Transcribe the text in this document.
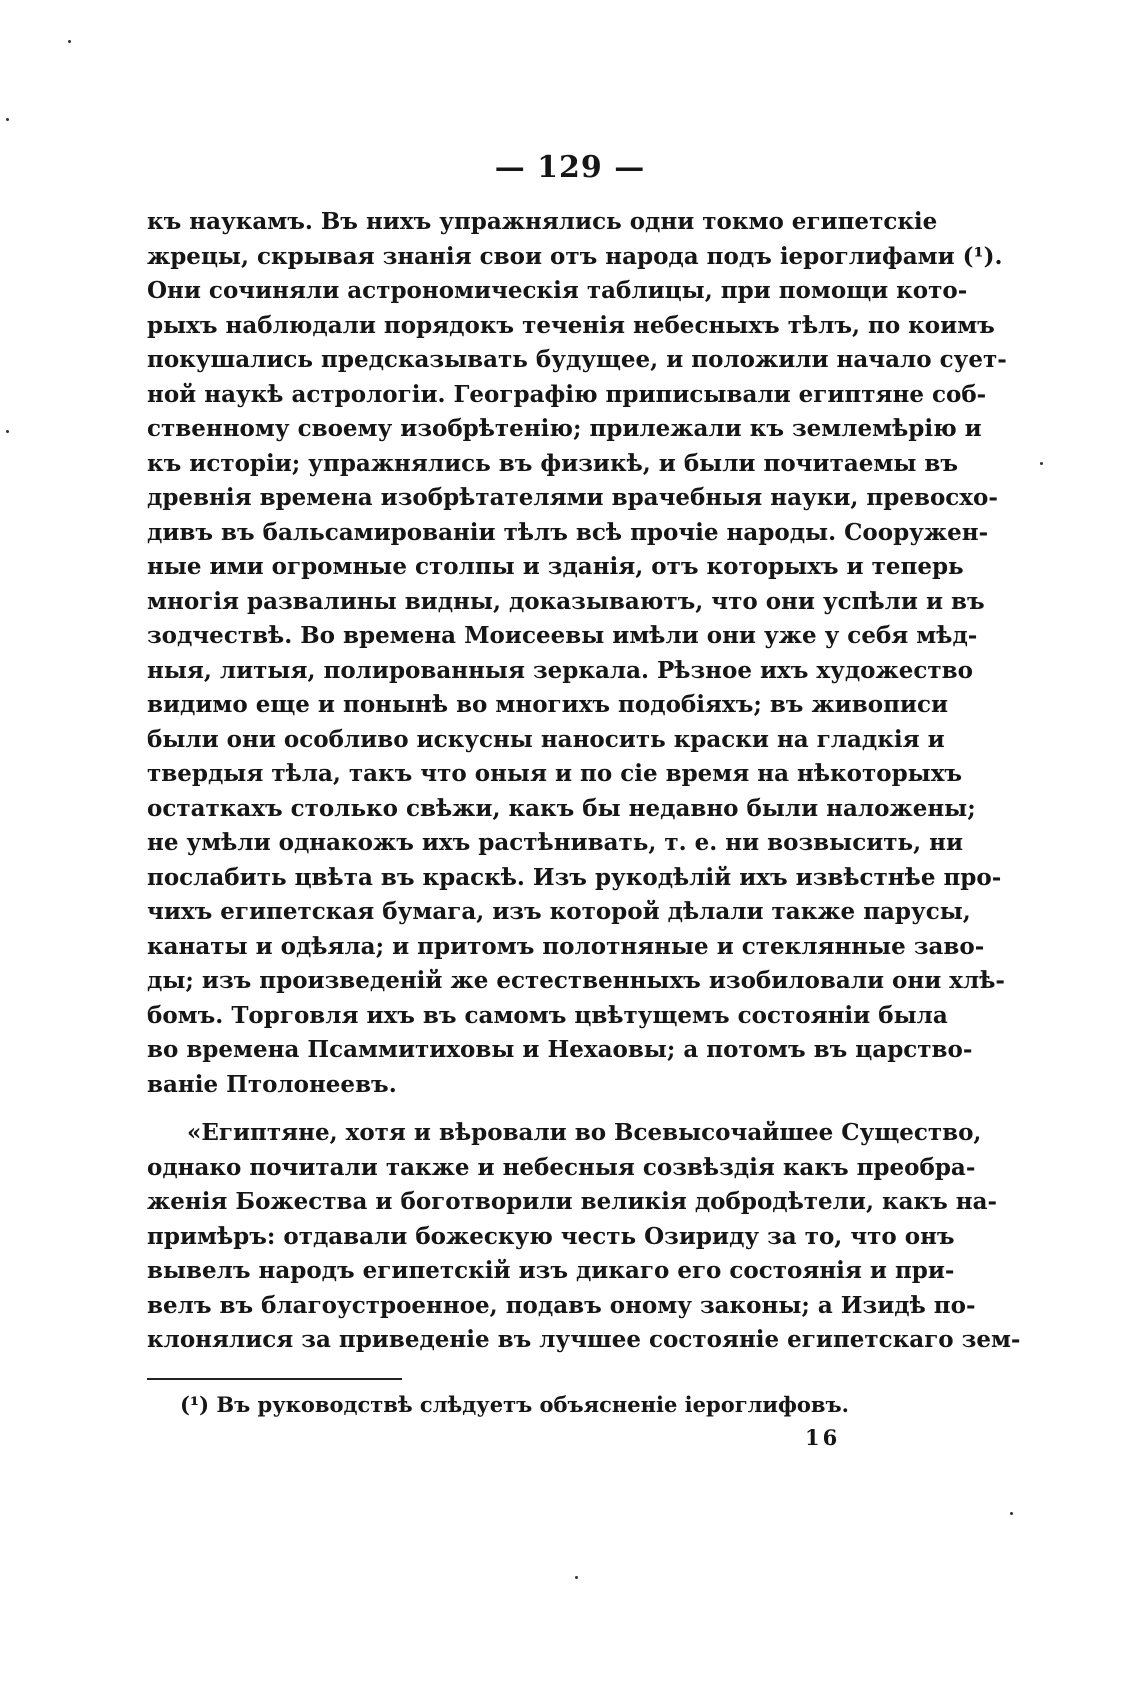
— 129 —
къ наукамъ. Въ нихъ упражнялись одни токмо египетскіе
жрецы, скрывая знанія свои отъ народа подъ іероглифами (¹).
Они сочиняли астрономическія таблицы, при помощи кото-
рыхъ наблюдали порядокъ теченія небесныхъ тѣлъ, по коимъ
покушались предсказывать будущее, и положили начало сует-
ной наукѣ астрологіи. Географію приписывали египтяне соб-
ственному своему изобрѣтенію; прилежали къ землемѣрію и
къ исторіи; упражнялись въ физикѣ, и были почитаемы въ
древнія времена изобрѣтателями врачебныя науки, превосхо-
дивъ въ бальсамированіи тѣлъ всѣ прочіе народы. Сооружен-
ные ими огромные столпы и зданія, отъ которыхъ и теперь
многія развалины видны, доказываютъ, что они успѣли и въ
зодчествѣ. Во времена Моисеевы имѣли они уже у себя мѣд-
ныя, литыя, полированныя зеркала. Рѣзное ихъ художество
видимо еще и понынѣ во многихъ подобіяхъ; въ живописи
были они особливо искусны наносить краски на гладкія и
твердыя тѣла, такъ что оныя и по сіе время на нѣкоторыхъ
остаткахъ столько свѣжи, какъ бы недавно были наложены;
не умѣли однакожъ ихъ растѣнивать, т. е. ни возвысить, ни
послабить цвѣта въ краскѣ. Изъ рукодѣлій ихъ извѣстнѣе про-
чихъ египетская бумага, изъ которой дѣлали также парусы,
канаты и одѣяла; и притомъ полотняные и стеклянные заво-
ды; изъ произведеній же естественныхъ изобиловали они хлѣ-
бомъ. Торговля ихъ въ самомъ цвѣтущемъ состояніи была
во времена Псаммитиховы и Нехаовы; а потомъ въ царство-
ваніе Птолонеевъ.
«Египтяне, хотя и вѣровали во Всевысочайшее Существо,
однако почитали также и небесныя созвѣздія какъ преобра-
женія Божества и боготворили великія добродѣтели, какъ на-
примѣръ: отдавали божескую честь Озириду за то, что онъ
вывелъ народъ египетскій изъ дикаго его состоянія и при-
велъ въ благоустроенное, подавъ оному законы; а Изидѣ по-
клонялися за приведеніе въ лучшее состояніе египетскаго зем-
(¹) Въ руководствѣ слѣдуетъ объясненіе іероглифовъ.
16
